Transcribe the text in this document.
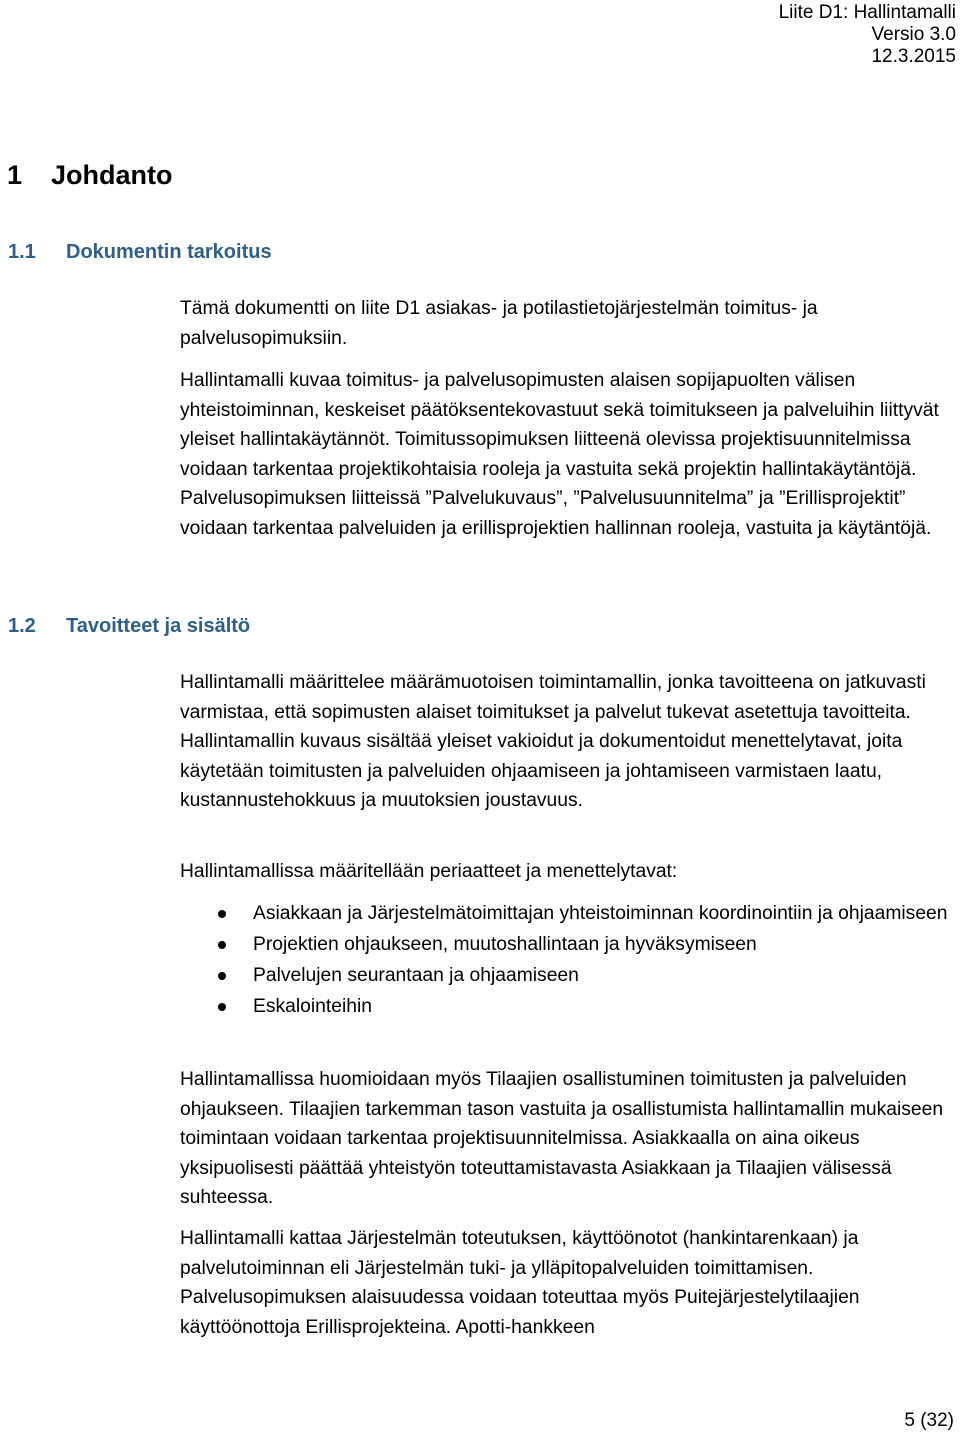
Liite D1: Hallintamalli
Versio 3.0
12.3.2015
1 Johdanto
1.1 Dokumentin tarkoitus

Tämä dokumentti on liite D1 asiakas- ja potilastietojärjestelmän toimitus- ja palvelusopimuksiin.

Hallintamalli kuvaa toimitus- ja palvelusopimusten alaisen sopijapuolten välisen yhteistoiminnan, keskeiset päätöksentekovastuut sekä toimitukseen ja palveluihin liittyvät yleiset hallintakäytännöt. Toimitussopimuksen liitteenä olevissa projektisuunnitelmissa voidaan tarkentaa projektikohtaisia rooleja ja vastuita sekä projektin hallintakäytäntöjä. Palvelusopimuksen liitteissä ”Palvelukuvaus”, ”Palvelusuunnitelma” ja ”Erillisprojektit” voidaan tarkentaa palveluiden ja erillisprojektien hallinnan rooleja, vastuita ja käytäntöjä.

1.2 Tavoitteet ja sisältö

Hallintamalli määrittelee määrämuotoisen toimintamallin, jonka tavoitteena on jatkuvasti varmistaa, että sopimusten alaiset toimitukset ja palvelut tukevat asetettuja tavoitteita. Hallintamallin kuvaus sisältää yleiset vakioidut ja dokumentoidut menettelytavat, joita käytetään toimitusten ja palveluiden ohjaamiseen ja johtamiseen varmistaen laatu, kustannustehokkuus ja muutoksien joustavuus.

Hallintamallissa määritellään periaatteet ja menettelytavat:

Asiakkaan ja Järjestelmätoimittajan yhteistoiminnan koordinointiin ja ohjaamiseen
Projektien ohjaukseen, muutoshallintaan ja hyväksymiseen
Palvelujen seurantaan ja ohjaamiseen
Eskalointeihin

Hallintamallissa huomioidaan myös Tilaajien osallistuminen toimitusten ja palveluiden ohjaukseen. Tilaajien tarkemman tason vastuita ja osallistumista hallintamallin mukaiseen toimintaan voidaan tarkentaa projektisuunnitelmissa. Asiakkaalla on aina oikeus yksipuolisesti päättää yhteistyön toteuttamistavasta Asiakkaan ja Tilaajien välisessä suhteessa.

Hallintamalli kattaa Järjestelmän toteutuksen, käyttöönotot (hankintarenkaan) ja palvelutoiminnan eli Järjestelmän tuki- ja ylläpitopalveluiden toimittamisen. Palvelusopimuksen alaisuudessa voidaan toteuttaa myös Puitejärjestelytilaajien käyttöönottoja Erillisprojekteina. Apotti-hankkeen

5 (32)
